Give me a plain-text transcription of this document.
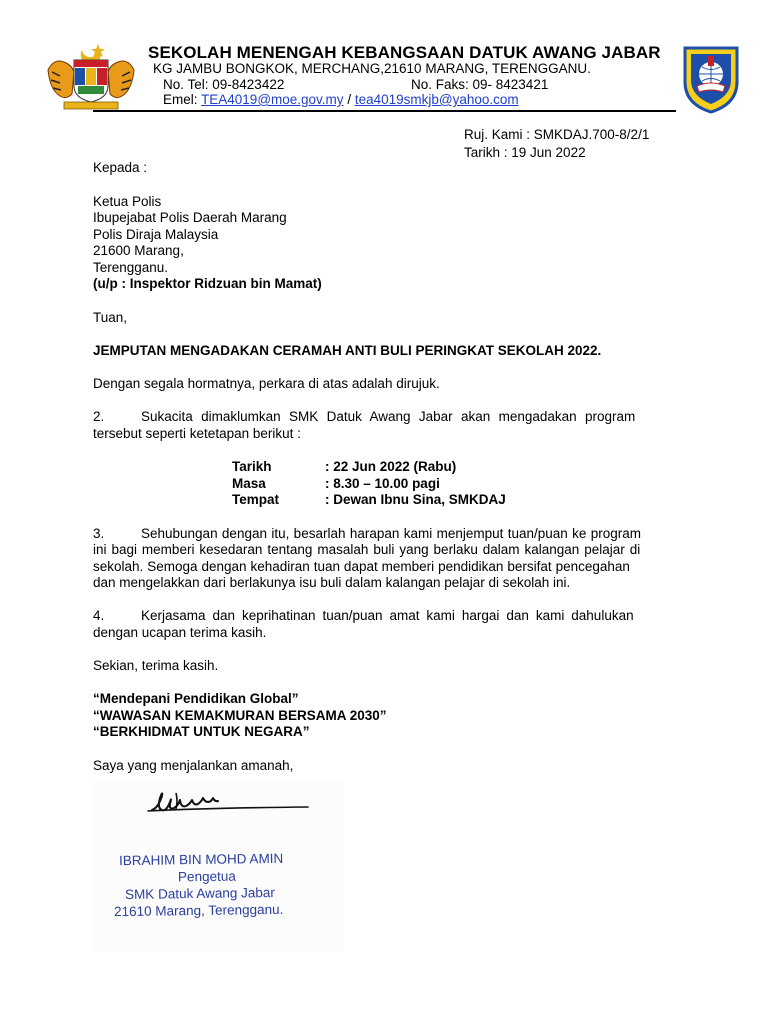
SEKOLAH MENENGAH KEBANGSAAN DATUK AWANG JABAR
KG JAMBU BONGKOK, MERCHANG,21610 MARANG, TERENGGANU.
No. Tel: 09-8423422	No. Faks: 09- 8423421
Emel: TEA4019@moe.gov.my / tea4019smkjb@yahoo.com
Ruj. Kami : SMKDAJ.700-8/2/1
Tarikh : 19 Jun 2022
Kepada :
Ketua Polis
Ibupejabat Polis Daerah Marang
Polis Diraja Malaysia
21600 Marang,
Terengganu.
(u/p : Inspektor Ridzuan bin Mamat)
Tuan,
JEMPUTAN MENGADAKAN CERAMAH ANTI BULI PERINGKAT SEKOLAH 2022.
Dengan segala hormatnya, perkara di atas adalah dirujuk.
2.	Sukacita dimaklumkan SMK Datuk Awang Jabar akan mengadakan program
tersebut seperti ketetapan berikut :
Tarikh	: 22 Jun 2022 (Rabu)
Masa	: 8.30 – 10.00 pagi
Tempat	: Dewan Ibnu Sina, SMKDAJ
3.	Sehubungan dengan itu, besarlah harapan kami menjemput tuan/puan ke program
ini bagi memberi kesedaran tentang masalah buli yang berlaku dalam kalangan pelajar di
sekolah. Semoga dengan kehadiran tuan dapat memberi pendidikan bersifat pencegahan
dan mengelakkan dari berlakunya isu buli dalam kalangan pelajar di sekolah ini.
4.	Kerjasama dan keprihatinan tuan/puan amat kami hargai dan kami dahulukan
dengan ucapan terima kasih.
Sekian, terima kasih.
“Mendepani Pendidikan Global”
“WAWASAN KEMAKMURAN BERSAMA 2030”
“BERKHIDMAT UNTUK NEGARA”
Saya yang menjalankan amanah,
IBRAHIM BIN MOHD AMIN
Pengetua
SMK Datuk Awang Jabar
21610 Marang, Terengganu.
